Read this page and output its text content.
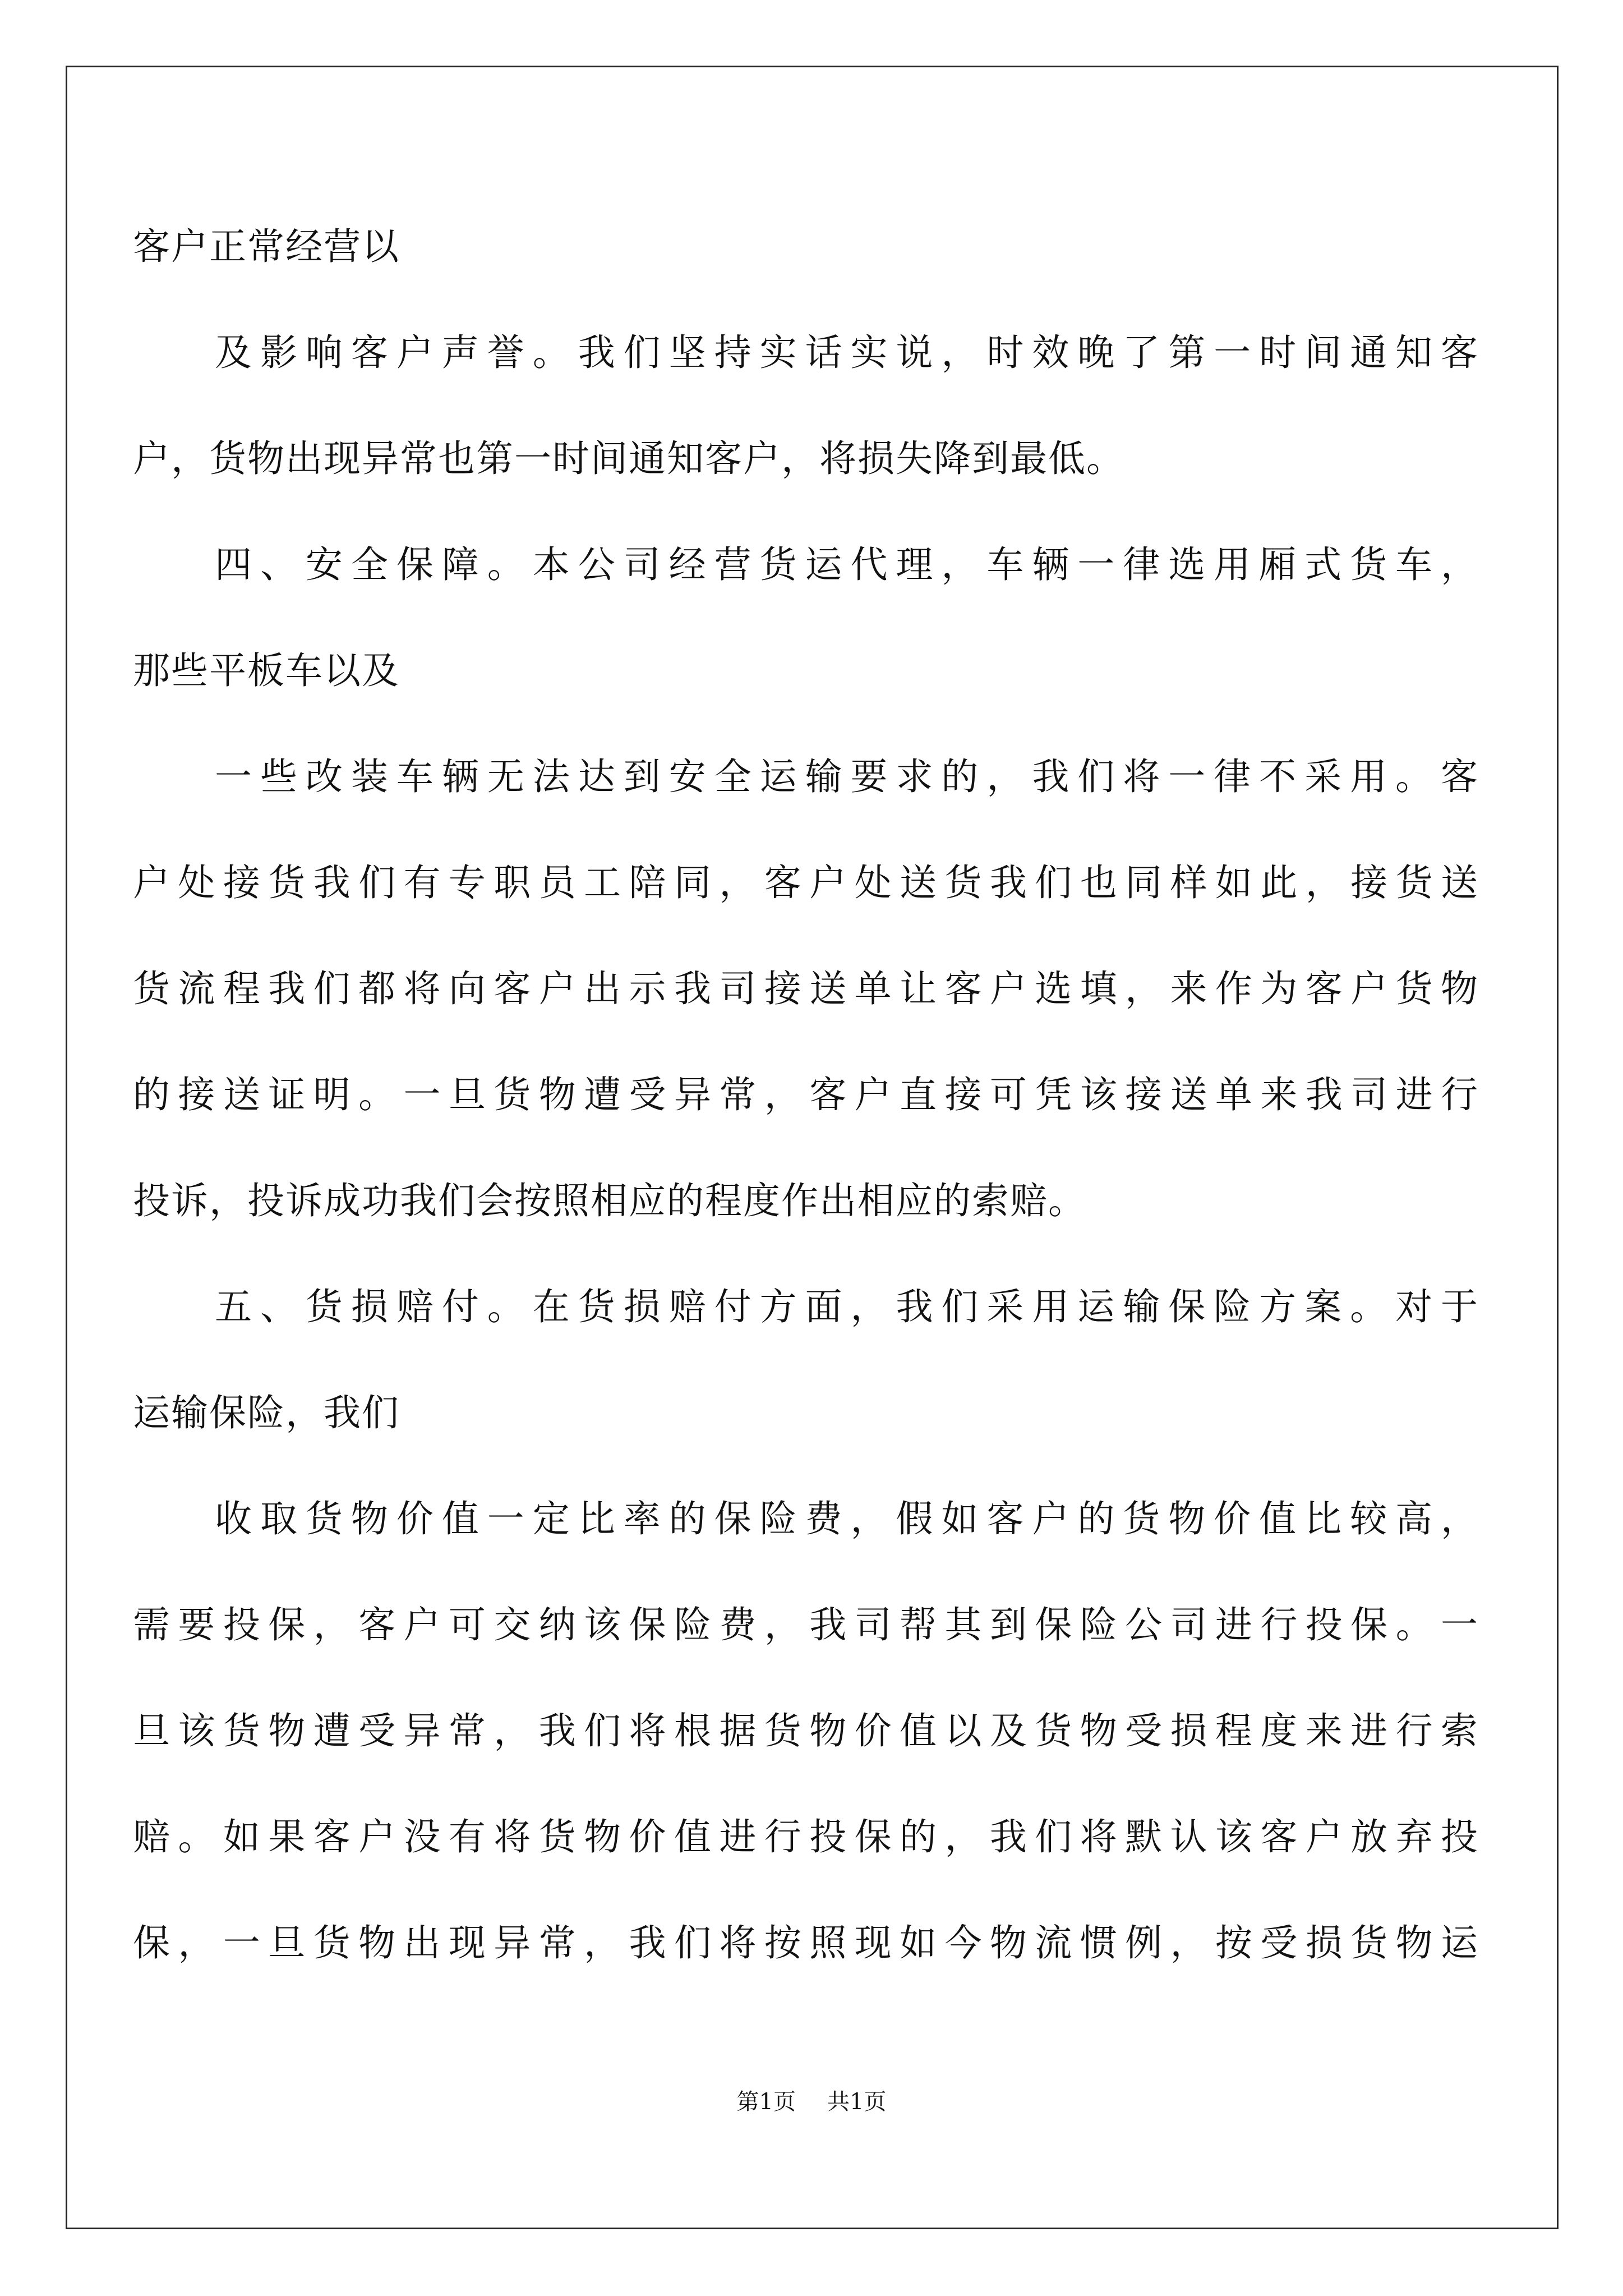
客户正常经营以
及影响客户声誉。我们坚持实话实说，时效晚了第一时间通知客
户，货物出现异常也第一时间通知客户，将损失降到最低。
四、安全保障。本公司经营货运代理，车辆一律选用厢式货车，
那些平板车以及
一些改装车辆无法达到安全运输要求的，我们将一律不采用。客
户处接货我们有专职员工陪同，客户处送货我们也同样如此，接货送
货流程我们都将向客户出示我司接送单让客户选填，来作为客户货物
的接送证明。一旦货物遭受异常，客户直接可凭该接送单来我司进行
投诉，投诉成功我们会按照相应的程度作出相应的索赔。
五、货损赔付。在货损赔付方面，我们采用运输保险方案。对于
运输保险，我们
收取货物价值一定比率的保险费，假如客户的货物价值比较高，
需要投保，客户可交纳该保险费，我司帮其到保险公司进行投保。一
旦该货物遭受异常，我们将根据货物价值以及货物受损程度来进行索
赔。如果客户没有将货物价值进行投保的，我们将默认该客户放弃投
保，一旦货物出现异常，我们将按照现如今物流惯例，按受损货物运
第1页 共1页
